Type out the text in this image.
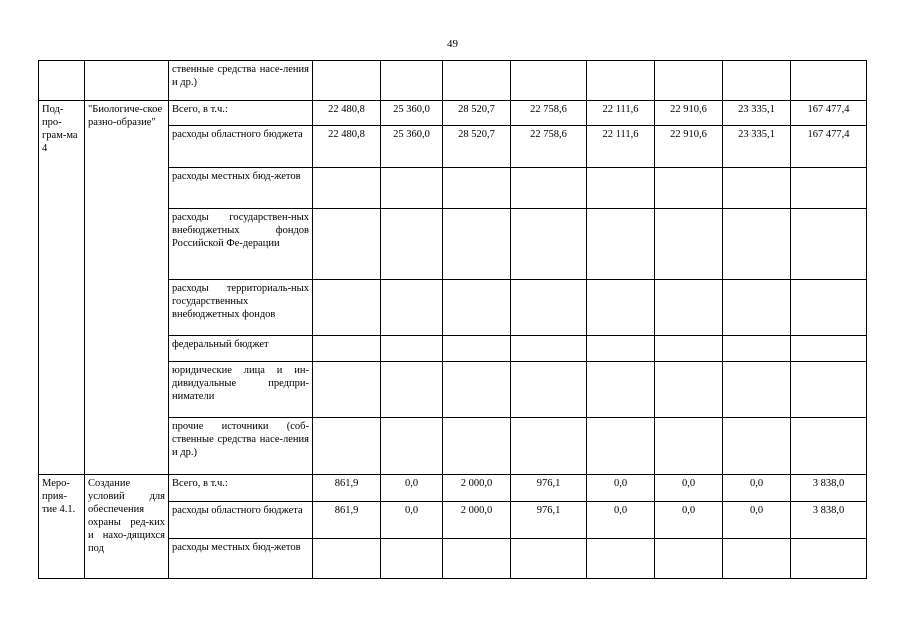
49
		ственные средства насе-ления и др.)								
Под-про-грам-ма 4	"Биологиче-ское разно-образие"	Всего, в т.ч.:	22 480,8	25 360,0	28 520,7	22 758,6	22 111,6	22 910,6	23 335,1	167 477,4
		расходы областного бюджета	22 480,8	25 360,0	28 520,7	22 758,6	22 111,6	22 910,6	23 335,1	167 477,4
		расходы местных бюд-жетов								
		расходы государствен-ных внебюджетных фондов Российской Фе-дерации								
		расходы территориаль-ных государственных внебюджетных фондов								
		федеральный бюджет								
		юридические лица и ин-дивидуальные предпри-ниматели								
		прочие источники (соб-ственные средства насе-ления и др.)								
Меро-прия-тие 4.1.	Создание условий для обеспечения охраны ред-ких и нахо-дящихся под	Всего, в т.ч.:	861,9	0,0	2 000,0	976,1	0,0	0,0	0,0	3 838,0
		расходы областного бюджета	861,9	0,0	2 000,0	976,1	0,0	0,0	0,0	3 838,0
		расходы местных бюд-жетов								
